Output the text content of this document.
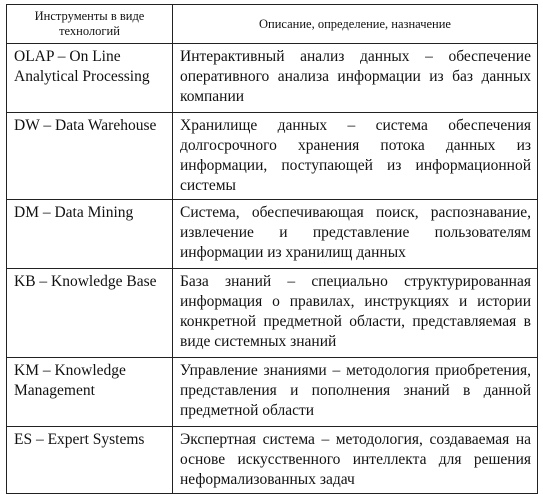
Инструменты в виде технологий	Описание, определение, назначение
OLAP – On Line Analytical Processing	Интерактивный анализ данных – обеспечение оперативного анализа информации из баз данных компании
DW – Data Warehouse	Хранилище данных – система обеспечения долгосрочного хранения потока данных из информации, поступающей из информационной системы
DM – Data Mining	Система, обеспечивающая поиск, распознавание, извлечение и представление пользователям информации из хранилищ данных
KB – Knowledge Base	База знаний – специально структурированная информация о правилах, инструкциях и истории конкретной предметной области, представляемая в виде системных знаний
KM – Knowledge Management	Управление знаниями – методология приобретения, представления и пополнения знаний в данной предметной области
ES – Expert Systems	Экспертная система – методология, создаваемая на основе искусственного интеллекта для решения неформализованных задач
